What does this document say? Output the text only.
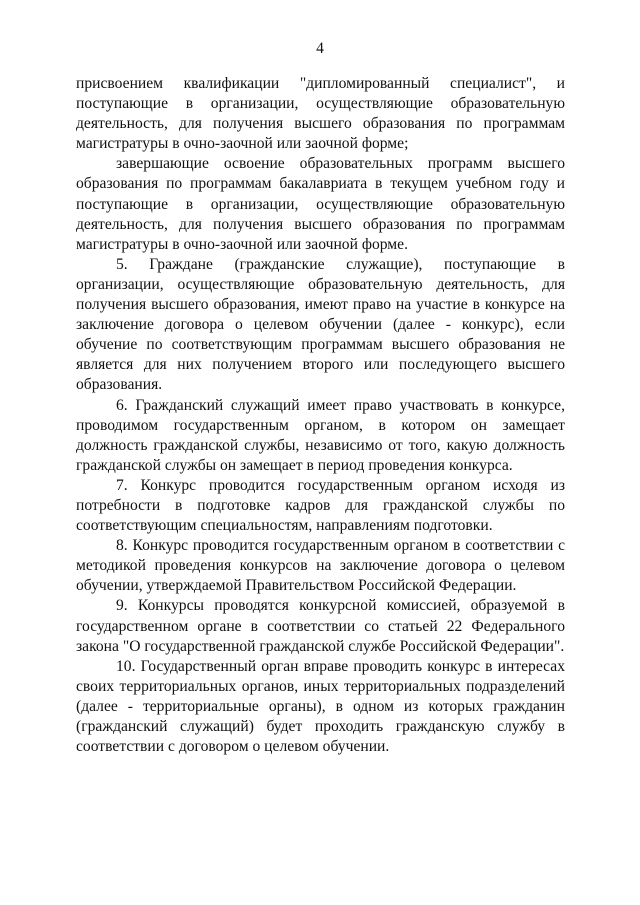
4

присвоением квалификации "дипломированный специалист", и поступающие в организации, осуществляющие образовательную деятельность, для получения высшего образования по программам магистратуры в очно-заочной или заочной форме;

завершающие освоение образовательных программ высшего образования по программам бакалавриата в текущем учебном году и поступающие в организации, осуществляющие образовательную деятельность, для получения высшего образования по программам магистратуры в очно-заочной или заочной форме.

5. Граждане (гражданские служащие), поступающие в организации, осуществляющие образовательную деятельность, для получения высшего образования, имеют право на участие в конкурсе на заключение договора о целевом обучении (далее - конкурс), если обучение по соответствующим программам высшего образования не является для них получением второго или последующего высшего образования.

6. Гражданский служащий имеет право участвовать в конкурсе, проводимом государственным органом, в котором он замещает должность гражданской службы, независимо от того, какую должность гражданской службы он замещает в период проведения конкурса.

7. Конкурс проводится государственным органом исходя из потребности в подготовке кадров для гражданской службы по соответствующим специальностям, направлениям подготовки.

8. Конкурс проводится государственным органом в соответствии с методикой проведения конкурсов на заключение договора о целевом обучении, утверждаемой Правительством Российской Федерации.

9. Конкурсы проводятся конкурсной комиссией, образуемой в государственном органе в соответствии со статьей 22 Федерального закона "О государственной гражданской службе Российской Федерации".

10. Государственный орган вправе проводить конкурс в интересах своих территориальных органов, иных территориальных подразделений (далее - территориальные органы), в одном из которых гражданин (гражданский служащий) будет проходить гражданскую службу в соответствии с договором о целевом обучении.
